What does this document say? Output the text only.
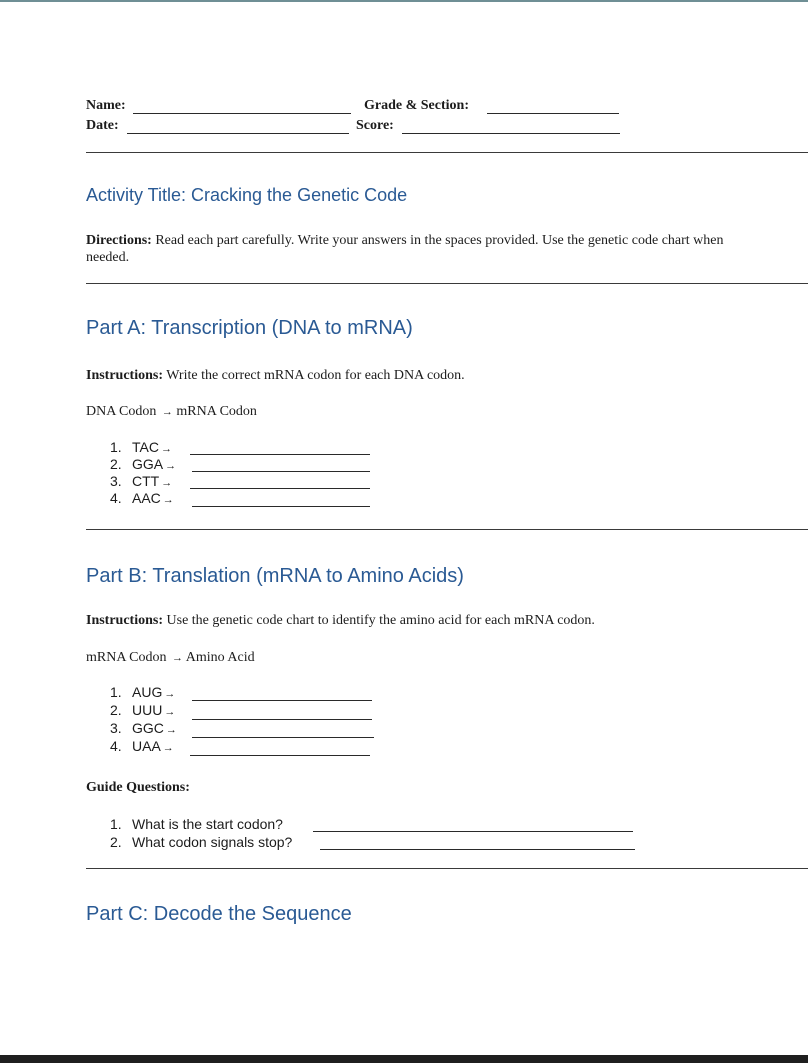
Name:	Grade & Section:
Date:	Score:
Activity Title: Cracking the Genetic Code
Directions: Read each part carefully. Write your answers in the spaces provided. Use the genetic code chart when needed.
Part A: Transcription (DNA to mRNA)
Instructions: Write the correct mRNA codon for each DNA codon.
DNA Codon → mRNA Codon
1. TAC →
2. GGA →
3. CTT →
4. AAC →
Part B: Translation (mRNA to Amino Acids)
Instructions: Use the genetic code chart to identify the amino acid for each mRNA codon.
mRNA Codon → Amino Acid
1. AUG →
2. UUU →
3. GGC →
4. UAA →
Guide Questions:
1. What is the start codon?
2. What codon signals stop?
Part C: Decode the Sequence
